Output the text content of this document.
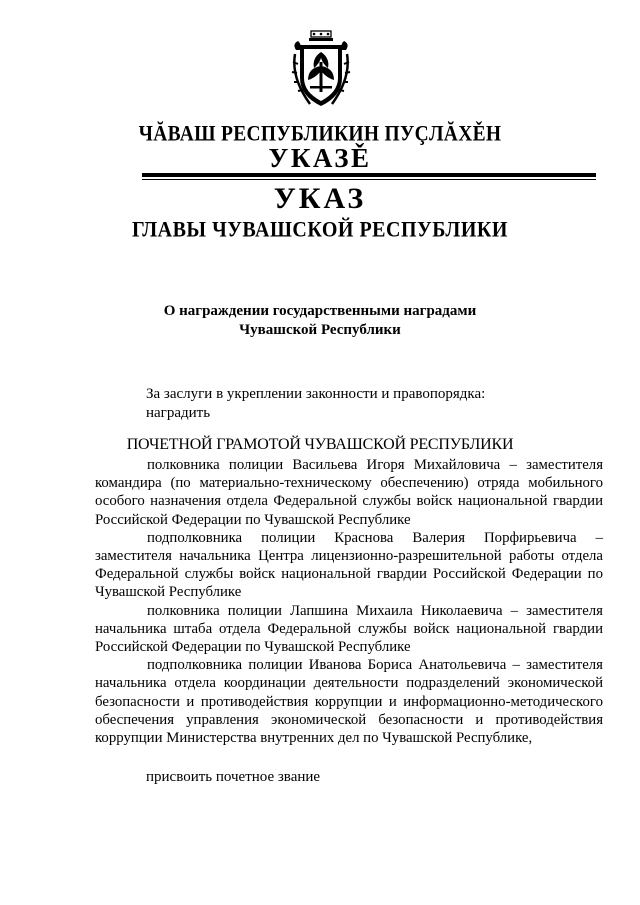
ЧĂВАШ РЕСПУБЛИКИН ПУÇЛĂХĚН
УКАЗĚ
УКАЗ
ГЛАВЫ ЧУВАШСКОЙ РЕСПУБЛИКИ
О награждении государственными наградами
Чувашской Республики
За заслуги в укреплении законности и правопорядка:
наградить
ПОЧЕТНОЙ ГРАМОТОЙ ЧУВАШСКОЙ РЕСПУБЛИКИ

полковника полиции Васильева Игоря Михайловича – заместителя командира (по материально-техническому обеспечению) отряда мобильного особого назначения отдела Федеральной службы войск национальной гвардии Российской Федерации по Чувашской Республике

подполковника полиции Краснова Валерия Порфирьевича – заместителя начальника Центра лицензионно-разрешительной работы отдела Федеральной службы войск национальной гвардии Российской Федерации по Чувашской Республике

полковника полиции Лапшина Михаила Николаевича – заместителя начальника штаба отдела Федеральной службы войск национальной гвардии Российской Федерации по Чувашской Республике

подполковника полиции Иванова Бориса Анатольевича – заместителя начальника отдела координации деятельности подразделений экономической безопасности и противодействия коррупции и информационно-методического обеспечения управления экономической безопасности и противодействия коррупции Министерства внутренних дел по Чувашской Республике,

присвоить почетное звание
